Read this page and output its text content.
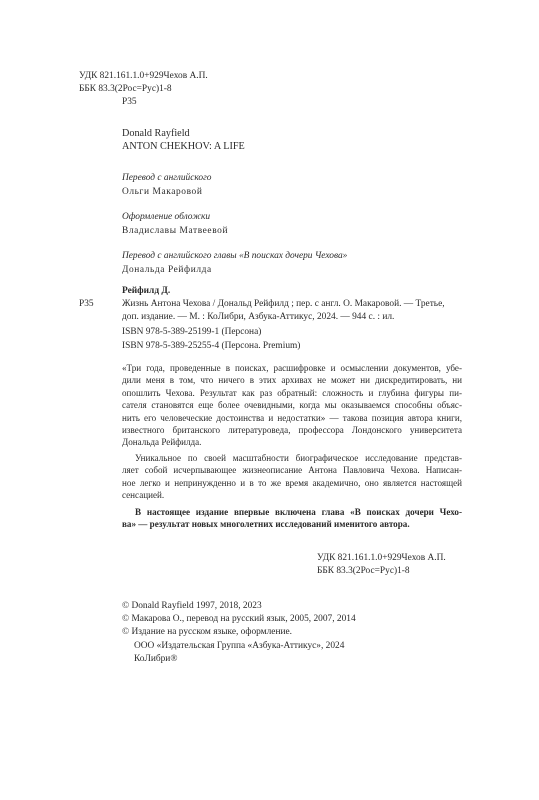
УДК 821.161.1.0+929Чехов А.П.
ББК 83.3(2Рос=Рус)1-8
Р35
Donald Rayfield
ANTON CHEKHOV: A LIFE
Перевод с английского
Ольги Макаровой
Оформление обложки
Владиславы Матвеевой
Перевод с английского главы «В поисках дочери Чехова»
Дональда Рейфилда
Рейфилд Д.
Р35	Жизнь Антона Чехова / Дональд Рейфилд ; пер. с англ. О. Макаровой. — Третье,
доп. издание. — М. : КоЛибри, Азбука-Аттикус, 2024. — 944 с. : ил.
ISBN 978-5-389-25199-1 (Персона)
ISBN 978-5-389-25255-4 (Персона. Premium)
«Три года, проведенные в поисках, расшифровке и осмыслении документов, убе-
дили меня в том, что ничего в этих архивах не может ни дискредитировать, ни
опошлить Чехова. Результат как раз обратный: сложность и глубина фигуры пи-
сателя становятся еще более очевидными, когда мы оказываемся способны объяс-
нить его человеческие достоинства и недостатки» — такова позиция автора книги,
известного британского литературоведа, профессора Лондонского университета
Дональда Рейфилда.
Уникальное по своей масштабности биографическое исследование представ-
ляет собой исчерпывающее жизнеописание Антона Павловича Чехова. Написан-
ное легко и непринужденно и в то же время академично, оно является настоящей
сенсацией.
В настоящее издание впервые включена глава «В поисках дочери Чехо-
ва» — результат новых многолетних исследований именитого автора.
УДК 821.161.1.0+929Чехов А.П.
ББК 83.3(2Рос=Рус)1-8
© Donald Rayfield 1997, 2018, 2023
© Макарова О., перевод на русский язык, 2005, 2007, 2014
© Издание на русском языке, оформление.
ООО «Издательская Группа «Азбука-Аттикус», 2024
КоЛибри®
